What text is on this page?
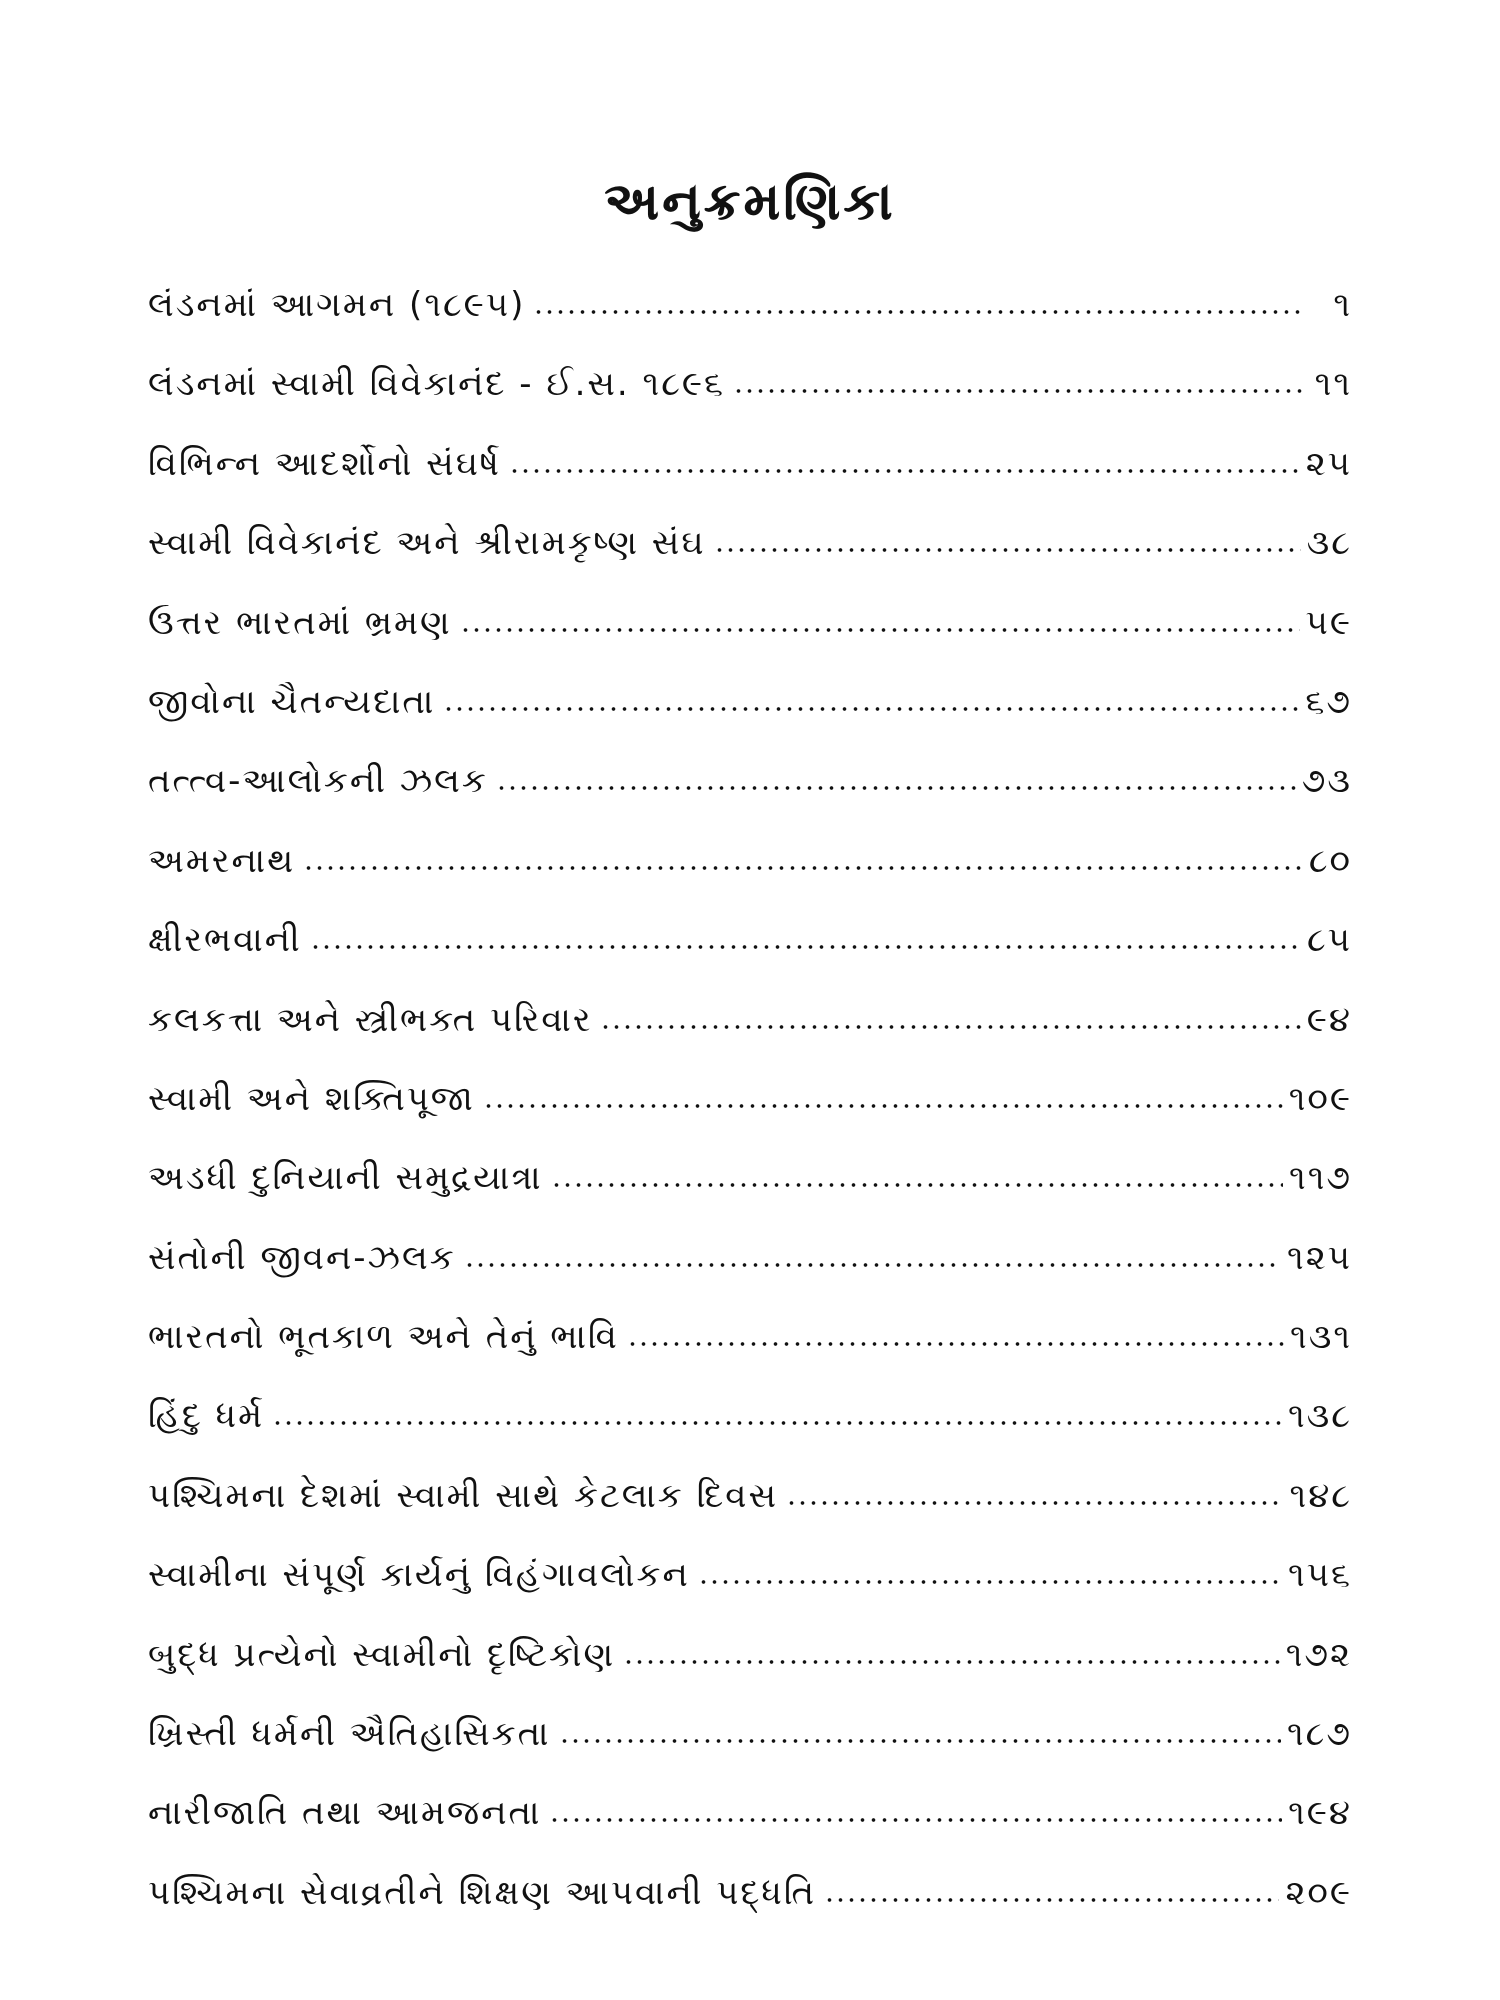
અનુક્રમણિકા
લંડનમાં આગમન (૧૮૯૫)	૧
લંડનમાં સ્વામી વિવેકાનંદ - ઈ.સ. ૧૮૯૬	૧૧
વિભિન્ન આદર્શોનો સંઘર્ષ	૨૫
સ્વામી વિવેકાનંદ અને શ્રીરામકૃષ્ણ સંઘ	૩૮
ઉત્તર ભારતમાં ભ્રમણ	૫૯
જીવોના ચૈતન્યદાતા	૬૭
તત્ત્વ-આલોકની ઝલક	૭૩
અમરનાથ	૮૦
ક્ષીરભવાની	૮૫
કલકત્તા અને સ્ત્રીભક્ત પરિવાર	૯૪
સ્વામી અને શક્તિપૂજા	૧૦૯
અડધી દુનિયાની સમુદ્રયાત્રા	૧૧૭
સંતોની જીવન-ઝલક	૧૨૫
ભારતનો ભૂતકાળ અને તેનું ભાવિ	૧૩૧
હિંદુ ધર્મ	૧૩૮
પશ્ચિમના દેશમાં સ્વામી સાથે કેટલાક દિવસ	૧૪૮
સ્વામીના સંપૂર્ણ કાર્યનું વિહંગાવલોકન	૧૫૬
બુદ્ધ પ્રત્યેનો સ્વામીનો દૃષ્ટિકોણ	૧૭૨
ખ્રિસ્તી ધર્મની ઐતિહાસિકતા	૧૮૭
નારીજાતિ તથા આમજનતા	૧૯૪
પશ્ચિમના સેવાવ્રતીને શિક્ષણ આપવાની પદ્ધતિ	૨૦૯
